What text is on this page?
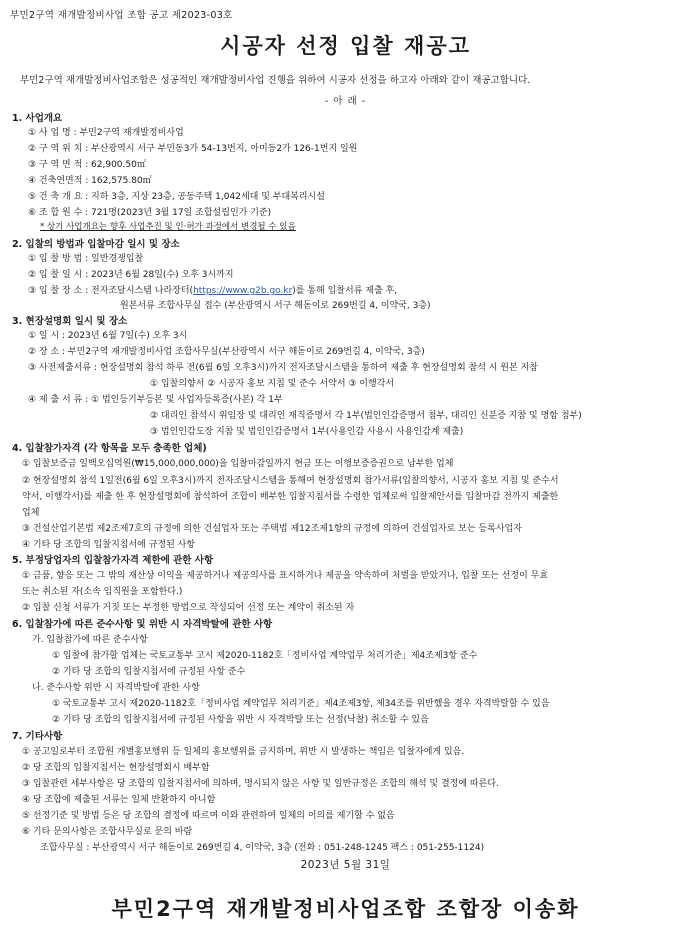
부민2구역 재개발정비사업 조합 공고 제2023-03호
시공자 선정 입찰 재공고
부민2구역 재개발정비사업조합은 성공적인 재개발정비사업 진행을 위하여 시공자 선정을 하고자 아래와 같이 재공고합니다.
- 아 래 -
1. 사업개요
① 사 업 명 : 부민2구역 재개발정비사업
② 구 역 위 치 : 부산광역시 서구 부민동3가 54-13번지, 아미동2가 126-1번지 일원
③ 구 역 면 적 : 62,900.50㎡
④ 건축연면적 : 162,575.80㎡
⑤ 건 축 개 요 : 지하 3층, 지상 23층, 공동주택 1,042세대 및 부대복리시설
⑥ 조 합 원 수 : 721명(2023년 3월 17일 조합설립인가 기준)
* 상기 사업개요는 향후 사업추진 및 인·허가 과정에서 변경될 수 있음
2. 입찰의 방법과 입찰마감 일시 및 장소
① 입 찰 방 법 : 일반경쟁입찰
② 입 찰 일 시 : 2023년 6월 28일(수) 오후 3시까지
③ 입 찰 장 소 : 전자조달시스템 나라장터(https://www.g2b.go.kr)를 통해 입찰서류 제출 후,
원본서류 조합사무실 접수 (부산광역시 서구 해돋이로 269번길 4, 이약국, 3층)
3. 현장설명회 일시 및 장소
① 일 시 : 2023년 6월 7일(수) 오후 3시
② 장 소 : 부민2구역 재개발정비사업 조합사무실(부산광역시 서구 해돋이로 269번길 4, 이약국, 3층)
③ 사전제출서류 : 현장설명회 참석 하루 전(6월 6일 오후3시)까지 전자조달시스템을 통하여 제출 후 현장설명회 참석 시 원본 지참
① 입찰의향서 ② 시공자 홍보 지침 및 준수 서약서 ③ 이행각서
④ 제 출 서 류 : ① 법인등기부등본 및 사업자등록증(사본) 각 1부
② 대리인 참석시 위임장 및 대리인 재직증명서 각 1부(법인인감증명서 첨부, 대리인 신분증 지참 및 명함 첨부)
③ 법인인감도장 지참 및 법인인감증명서 1부(사용인감 사용시 사용인감계 제출)
4. 입찰참가자격 (각 항목을 모두 충족한 업체)
① 입찰보증금 일백오십억원(₩15,000,000,000)을 입찰마감일까지 현금 또는 이행보증증권으로 납부한 업체
② 현장설명회 참석 1일전(6월 6일 오후3시)까지 전자조달시스템을 통해여 현장설명회 참가서류(입찰의향서, 시공자 홍보 지침 및 준수서
약서, 이행각서)를 제출 한 후 현장설명회에 참석하여 조합이 배부한 입찰지침서를 수령한 업체로써 입찰제안서를 입찰마감 전까지 제출한
업체
③ 건설산업기본법 제2조제7호의 규정에 의한 건설업자 또는 주택법 제12조제1항의 규정에 의하여 건설업자로 보는 등록사업자
④ 기타 당 조합의 입찰지침서에 규정된 사항
5. 부정당업자의 입찰참가자격 제한에 관한 사항
① 금품, 향응 또는 그 밖의 재산상 이익을 제공하거나 제공의사를 표시하거나 제공을 약속하여 처벌을 받았거나, 입찰 또는 선정이 무효
또는 취소된 자(소속 임직원을 포함한다.)
② 입찰 신청 서류가 거짓 또는 부정한 방법으로 작성되어 선정 또는 계약이 취소된 자
6. 입찰참가에 따른 준수사항 및 위반 시 자격박탈에 관한 사항
가. 입찰참가에 따른 준수사항
① 입찰에 참가할 업체는 국토교통부 고시 제2020-1182호「정비사업 계약업무 처리기준」제4조제3항 준수
② 기타 당 조합의 입찰지침서에 규정된 사항 준수
나. 준수사항 위반 시 자격박탈에 관한 사항
① 국토교통부 고시 제2020-1182호「정비사업 계약업무 처리기준」제4조제3항, 제34조를 위반했을 경우 자격박탈할 수 있음
② 기타 당 조합의 입찰지침서에 규정된 사항을 위반 시 자격박탈 또는 선정(낙찰) 취소할 수 있음
7. 기타사항
① 공고일로부터 조합원 개별홍보행위 등 일체의 홍보행위를 금지하며, 위반 시 발생하는 책임은 입찰자에게 있음.
② 당 조합의 입찰지침서는 현장설명회시 배부함
③ 입찰관련 세부사항은 당 조합의 입찰지침서에 의하며, 명시되지 않은 사항 및 일반규정은 조합의 해석 및 결정에 따른다.
④ 당 조합에 제출된 서류는 일체 반환하지 아니함
⑤ 선정기준 및 방법 등은 당 조합의 결정에 따르며 이와 관련하여 일체의 이의를 제기할 수 없음
⑥ 기타 문의사항은 조합사무실로 문의 바람
조합사무실 : 부산광역시 서구 해돋이로 269번길 4, 이약국, 3층 (전화 : 051-248-1245 팩스 : 051-255-1124)
2023년 5월 31일
부민2구역 재개발정비사업조합 조합장 이송화
